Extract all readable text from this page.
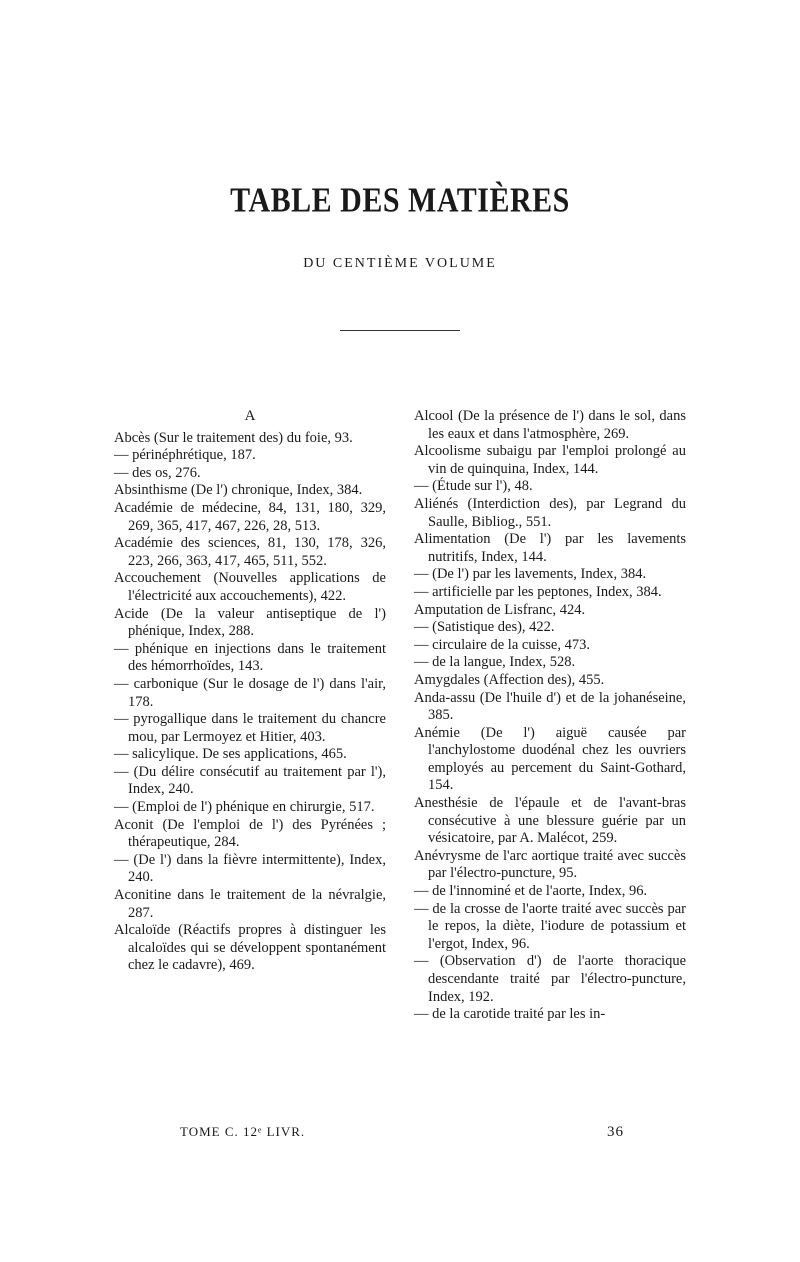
TABLE DES MATIÈRES
DU CENTIÈME VOLUME
A
Abcès (Sur le traitement des) du foie, 93.
— périnéphrétique, 187.
— des os, 276.
Absinthisme (De l') chronique, Index, 384.
Académie de médecine, 84, 131, 180, 329, 269, 365, 417, 467, 226, 28, 513.
Académie des sciences, 81, 130, 178, 326, 223, 266, 363, 417, 465, 511, 552.
Accouchement (Nouvelles applications de l'électricité aux accouchements), 422.
Acide (De la valeur antiseptique de l') phénique, Index, 288.
— phénique en injections dans le traitement des hémorrhoïdes, 143.
— carbonique (Sur le dosage de l') dans l'air, 178.
— pyrogallique dans le traitement du chancre mou, par Lermoyez et Hitier, 403.
— salicylique. De ses applications, 465.
— (Du délire consécutif au traitement par l'), Index, 240.
— (Emploi de l') phénique en chirurgie, 517.
Aconit (De l'emploi de l') des Pyrénées ; thérapeutique, 284.
— (De l') dans la fièvre intermittente), Index, 240.
Aconitine dans le traitement de la névralgie, 287.
Alcaloïde (Réactifs propres à distinguer les alcaloïdes qui se développent spontanément chez le cadavre), 469.
Alcool (De la présence de l') dans le sol, dans les eaux et dans l'atmosphère, 269.
Alcoolisme subaigu par l'emploi prolongé au vin de quinquina, Index, 144.
— (Étude sur l'), 48.
Aliénés (Interdiction des), par Legrand du Saulle, Bibliog., 551.
Alimentation (De l') par les lavements nutritifs, Index, 144.
— (De l') par les lavements, Index, 384.
— artificielle par les peptones, Index, 384.
Amputation de Lisfranc, 424.
— (Satistique des), 422.
— circulaire de la cuisse, 473.
— de la langue, Index, 528.
Amygdales (Affection des), 455.
Anda-assu (De l'huile d') et de la johanéseine, 385.
Anémie (De l') aiguë causée par l'anchylostome duodénal chez les ouvriers employés au percement du Saint-Gothard, 154.
Anesthésie de l'épaule et de l'avant-bras consécutive à une blessure guérie par un vésicatoire, par A. Malécot, 259.
Anévrysme de l'arc aortique traité avec succès par l'électro-puncture, 95.
— de l'innominé et de l'aorte, Index, 96.
— de la crosse de l'aorte traité avec succès par le repos, la diète, l'iodure de potassium et l'ergot, Index, 96.
— (Observation d') de l'aorte thoracique descendante traité par l'électro-puncture, Index, 192.
— de la carotide traité par les in-
TOME C. 12ᵉ LIVR.	36
